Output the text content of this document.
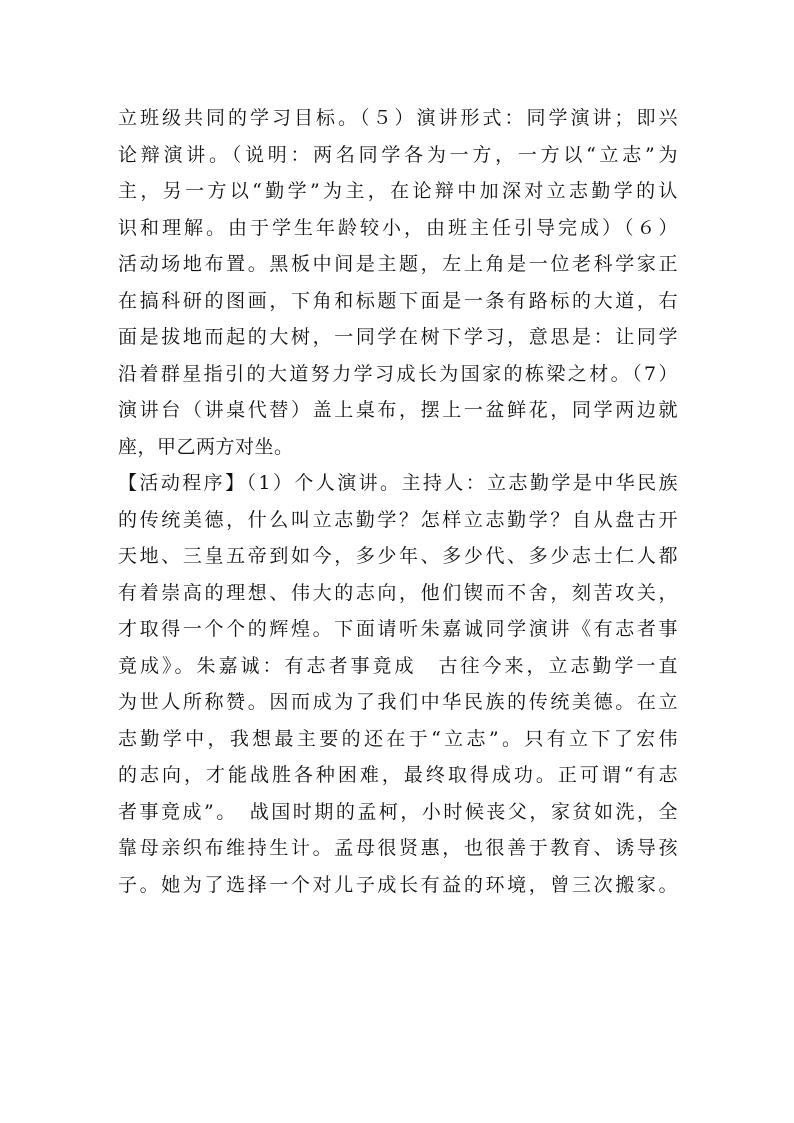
立班级共同的学习目标。（５）演讲形式：同学演讲；即兴
论辩演讲。（说明：两名同学各为一方，一方以“立志”为
主，另一方以“勤学”为主，在论辩中加深对立志勤学的认
识和理解。由于学生年龄较小，由班主任引导完成）（６）
活动场地布置。黑板中间是主题，左上角是一位老科学家正
在搞科研的图画，下角和标题下面是一条有路标的大道，右
面是拔地而起的大树，一同学在树下学习，意思是：让同学
沿着群星指引的大道努力学习成长为国家的栋梁之材。（7）
演讲台（讲桌代替）盖上桌布，摆上一盆鲜花，同学两边就
座，甲乙两方对坐。
【活动程序】（1）个人演讲。主持人：立志勤学是中华民族
的传统美德，什么叫立志勤学？怎样立志勤学？自从盘古开
天地、三皇五帝到如今，多少年、多少代、多少志士仁人都
有着崇高的理想、伟大的志向，他们锲而不舍，刻苦攻关，
才取得一个个的辉煌。下面请听朱嘉诚同学演讲《有志者事
竟成》。朱嘉诚：有志者事竟成　古往今来，立志勤学一直
为世人所称赞。因而成为了我们中华民族的传统美德。在立
志勤学中，我想最主要的还在于“立志”。只有立下了宏伟
的志向，才能战胜各种困难，最终取得成功。正可谓“有志
者事竟成”。　战国时期的孟柯，小时候丧父，家贫如洗，全
靠母亲织布维持生计。孟母很贤惠，也很善于教育、诱导孩
子。她为了选择一个对儿子成长有益的环境，曾三次搬家。
